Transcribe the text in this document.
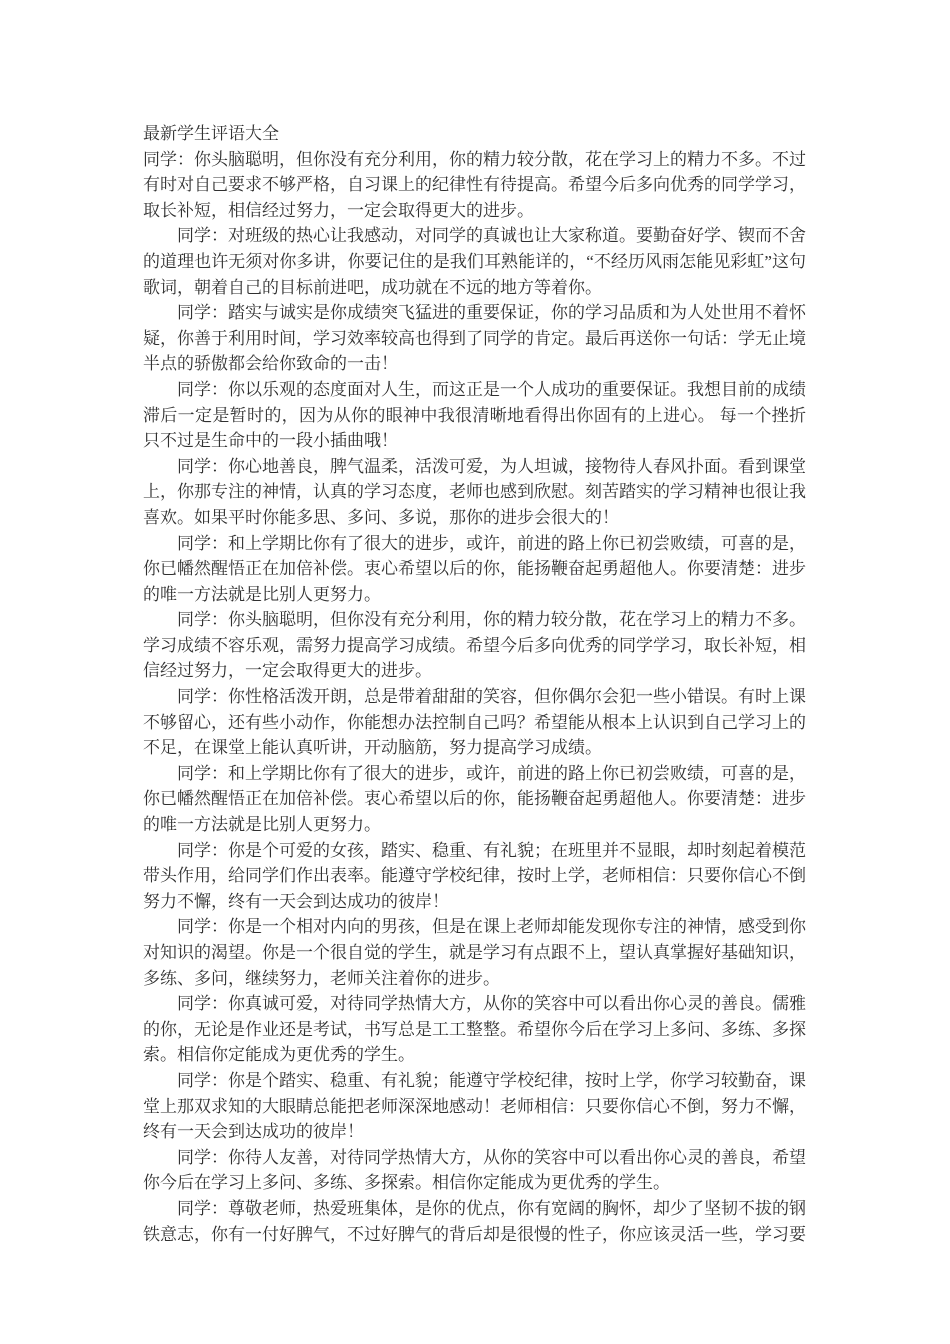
最新学生评语大全

同学：你头脑聪明，但你没有充分利用，你的精力较分散，花在学习上的精力不多。不过有时对自己要求不够严格，自习课上的纪律性有待提高。希望今后多向优秀的同学学习，取长补短，相信经过努力，一定会取得更大的进步。

同学：对班级的热心让我感动，对同学的真诚也让大家称道。要勤奋好学、锲而不舍的道理也许无须对你多讲，你要记住的是我们耳熟能详的，“不经历风雨怎能见彩虹”这句歌词，朝着自己的目标前进吧，成功就在不远的地方等着你。

同学：踏实与诚实是你成绩突飞猛进的重要保证，你的学习品质和为人处世用不着怀疑，你善于利用时间，学习效率较高也得到了同学的肯定。最后再送你一句话：学无止境半点的骄傲都会给你致命的一击！

同学：你以乐观的态度面对人生，而这正是一个人成功的重要保证。我想目前的成绩滞后一定是暂时的，因为从你的眼神中我很清晰地看得出你固有的上进心。 每一个挫折只不过是生命中的一段小插曲哦！

同学：你心地善良，脾气温柔，活泼可爱，为人坦诚，接物待人春风扑面。看到课堂上，你那专注的神情，认真的学习态度，老师也感到欣慰。刻苦踏实的学习精神也很让我喜欢。如果平时你能多思、多问、多说，那你的进步会很大的！

同学：和上学期比你有了很大的进步，或许，前进的路上你已初尝败绩，可喜的是，你已幡然醒悟正在加倍补偿。衷心希望以后的你，能扬鞭奋起勇超他人。你要清楚：进步的唯一方法就是比别人更努力。

同学：你头脑聪明，但你没有充分利用，你的精力较分散，花在学习上的精力不多。学习成绩不容乐观，需努力提高学习成绩。希望今后多向优秀的同学学习，取长补短，相信经过努力，一定会取得更大的进步。

同学：你性格活泼开朗，总是带着甜甜的笑容，但你偶尔会犯一些小错误。有时上课不够留心，还有些小动作，你能想办法控制自己吗？希望能从根本上认识到自己学习上的不足，在课堂上能认真听讲，开动脑筋，努力提高学习成绩。

同学：和上学期比你有了很大的进步，或许，前进的路上你已初尝败绩，可喜的是，你已幡然醒悟正在加倍补偿。衷心希望以后的你，能扬鞭奋起勇超他人。你要清楚：进步的唯一方法就是比别人更努力。

同学：你是个可爱的女孩，踏实、稳重、有礼貌；在班里并不显眼，却时刻起着模范带头作用，给同学们作出表率。能遵守学校纪律，按时上学，老师相信：只要你信心不倒努力不懈，终有一天会到达成功的彼岸！

同学：你是一个相对内向的男孩，但是在课上老师却能发现你专注的神情，感受到你对知识的渴望。你是一个很自觉的学生，就是学习有点跟不上，望认真掌握好基础知识，多练、多问，继续努力，老师关注着你的进步。

同学：你真诚可爱，对待同学热情大方，从你的笑容中可以看出你心灵的善良。儒雅的你，无论是作业还是考试，书写总是工工整整。希望你今后在学习上多问、多练、多探索。相信你定能成为更优秀的学生。

同学：你是个踏实、稳重、有礼貌；能遵守学校纪律，按时上学，你学习较勤奋，课堂上那双求知的大眼睛总能把老师深深地感动！老师相信：只要你信心不倒，努力不懈，终有一天会到达成功的彼岸！

同学：你待人友善，对待同学热情大方，从你的笑容中可以看出你心灵的善良，希望你今后在学习上多问、多练、多探索。相信你定能成为更优秀的学生。

同学：尊敬老师，热爱班集体，是你的优点，你有宽阔的胸怀，却少了坚韧不拔的钢铁意志，你有一付好脾气，不过好脾气的背后却是很慢的性子，你应该灵活一些，学习要
